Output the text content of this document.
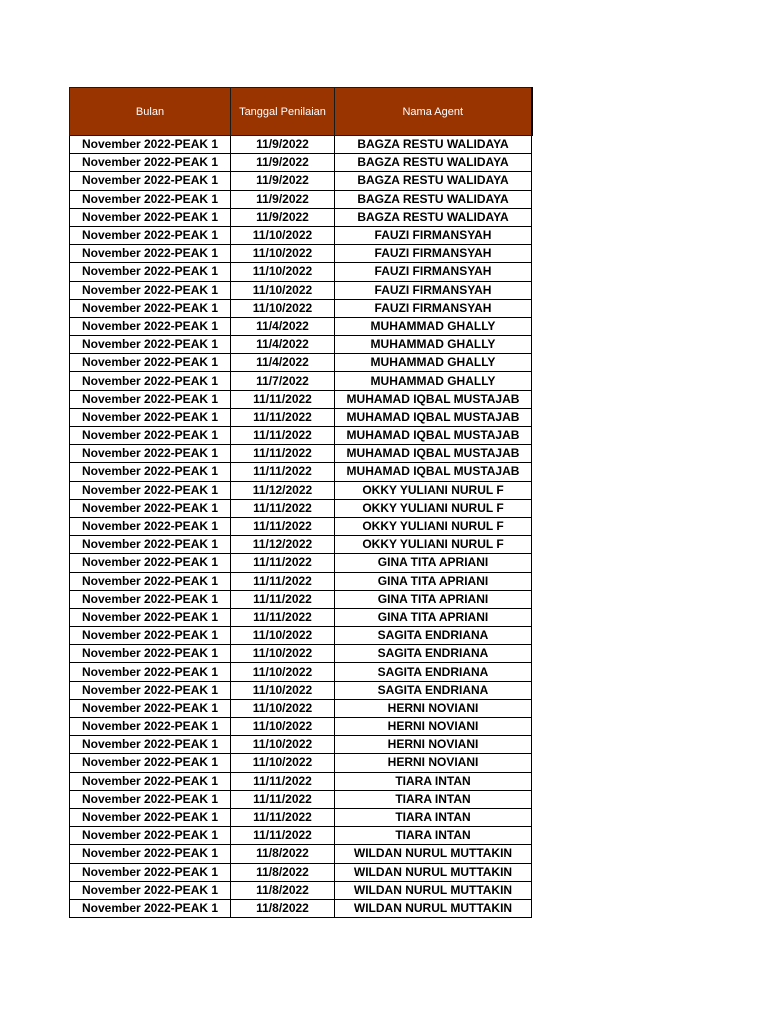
Bulan	Tanggal Penilaian	Nama Agent
November 2022-PEAK 1	11/9/2022	BAGZA RESTU WALIDAYA
November 2022-PEAK 1	11/9/2022	BAGZA RESTU WALIDAYA
November 2022-PEAK 1	11/9/2022	BAGZA RESTU WALIDAYA
November 2022-PEAK 1	11/9/2022	BAGZA RESTU WALIDAYA
November 2022-PEAK 1	11/9/2022	BAGZA RESTU WALIDAYA
November 2022-PEAK 1	11/10/2022	FAUZI FIRMANSYAH
November 2022-PEAK 1	11/10/2022	FAUZI FIRMANSYAH
November 2022-PEAK 1	11/10/2022	FAUZI FIRMANSYAH
November 2022-PEAK 1	11/10/2022	FAUZI FIRMANSYAH
November 2022-PEAK 1	11/10/2022	FAUZI FIRMANSYAH
November 2022-PEAK 1	11/4/2022	MUHAMMAD GHALLY
November 2022-PEAK 1	11/4/2022	MUHAMMAD GHALLY
November 2022-PEAK 1	11/4/2022	MUHAMMAD GHALLY
November 2022-PEAK 1	11/7/2022	MUHAMMAD GHALLY
November 2022-PEAK 1	11/11/2022	MUHAMAD IQBAL MUSTAJAB
November 2022-PEAK 1	11/11/2022	MUHAMAD IQBAL MUSTAJAB
November 2022-PEAK 1	11/11/2022	MUHAMAD IQBAL MUSTAJAB
November 2022-PEAK 1	11/11/2022	MUHAMAD IQBAL MUSTAJAB
November 2022-PEAK 1	11/11/2022	MUHAMAD IQBAL MUSTAJAB
November 2022-PEAK 1	11/12/2022	OKKY YULIANI NURUL F
November 2022-PEAK 1	11/11/2022	OKKY YULIANI NURUL F
November 2022-PEAK 1	11/11/2022	OKKY YULIANI NURUL F
November 2022-PEAK 1	11/12/2022	OKKY YULIANI NURUL F
November 2022-PEAK 1	11/11/2022	GINA TITA APRIANI
November 2022-PEAK 1	11/11/2022	GINA TITA APRIANI
November 2022-PEAK 1	11/11/2022	GINA TITA APRIANI
November 2022-PEAK 1	11/11/2022	GINA TITA APRIANI
November 2022-PEAK 1	11/10/2022	SAGITA ENDRIANA
November 2022-PEAK 1	11/10/2022	SAGITA ENDRIANA
November 2022-PEAK 1	11/10/2022	SAGITA ENDRIANA
November 2022-PEAK 1	11/10/2022	SAGITA ENDRIANA
November 2022-PEAK 1	11/10/2022	HERNI NOVIANI
November 2022-PEAK 1	11/10/2022	HERNI NOVIANI
November 2022-PEAK 1	11/10/2022	HERNI NOVIANI
November 2022-PEAK 1	11/10/2022	HERNI NOVIANI
November 2022-PEAK 1	11/11/2022	TIARA INTAN
November 2022-PEAK 1	11/11/2022	TIARA INTAN
November 2022-PEAK 1	11/11/2022	TIARA INTAN
November 2022-PEAK 1	11/11/2022	TIARA INTAN
November 2022-PEAK 1	11/8/2022	WILDAN NURUL MUTTAKIN
November 2022-PEAK 1	11/8/2022	WILDAN NURUL MUTTAKIN
November 2022-PEAK 1	11/8/2022	WILDAN NURUL MUTTAKIN
November 2022-PEAK 1	11/8/2022	WILDAN NURUL MUTTAKIN
